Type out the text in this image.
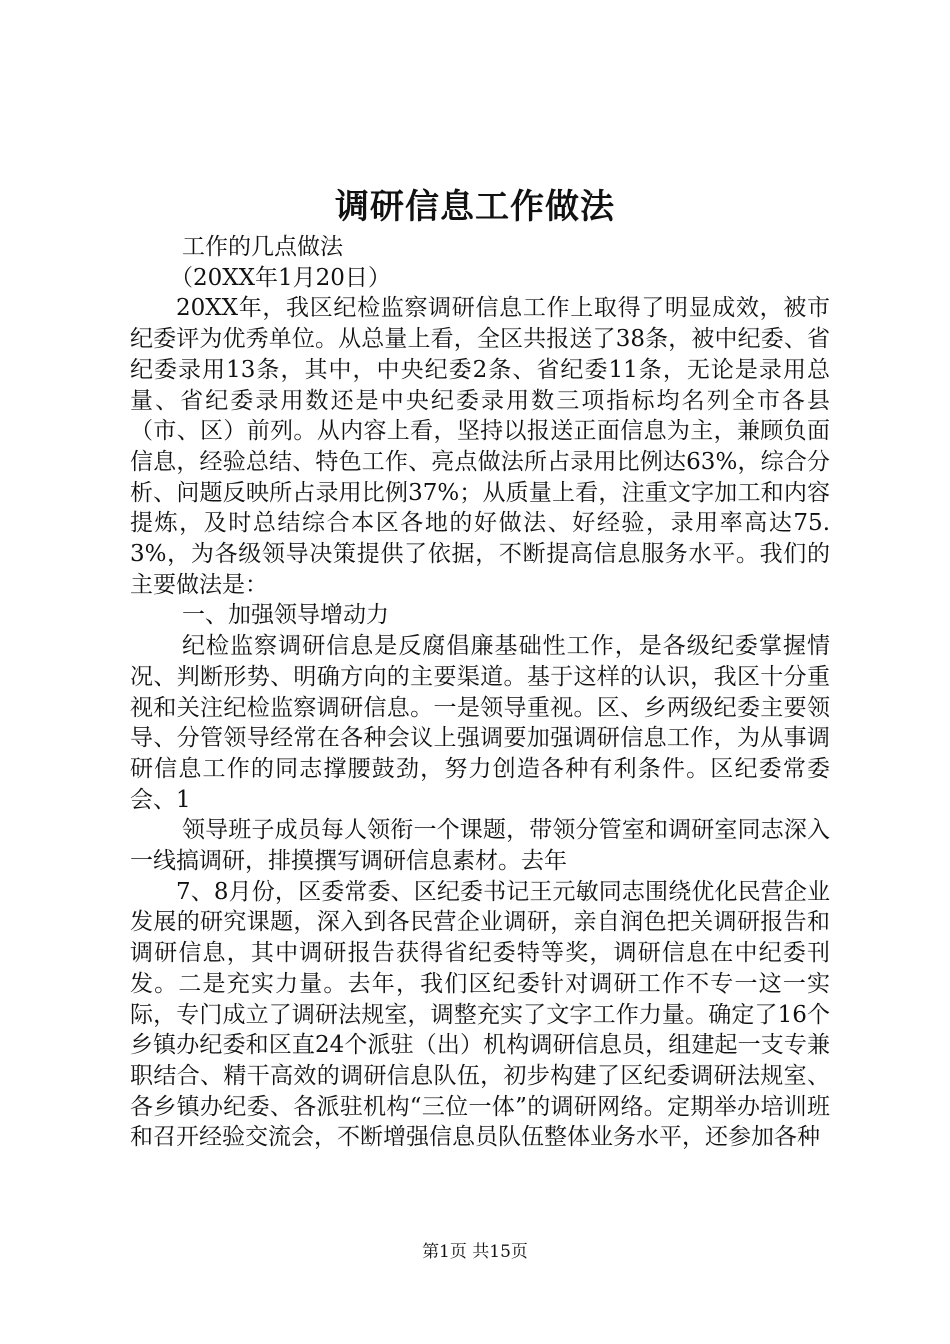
调研信息工作做法

工作的几点做法

（20XX年1月20日）

20XX年，我区纪检监察调研信息工作上取得了明显成效，被市纪委评为优秀单位。从总量上看，全区共报送了38条，被中纪委、省纪委录用13条，其中，中央纪委2条、省纪委11条，无论是录用总量、省纪委录用数还是中央纪委录用数三项指标均名列全市各县（市、区）前列。从内容上看，坚持以报送正面信息为主，兼顾负面信息，经验总结、特色工作、亮点做法所占录用比例达63%，综合分析、问题反映所占录用比例37%；从质量上看，注重文字加工和内容提炼，及时总结综合本区各地的好做法、好经验，录用率高达75.3%，为各级领导决策提供了依据，不断提高信息服务水平。我们的主要做法是：

一、加强领导增动力

纪检监察调研信息是反腐倡廉基础性工作，是各级纪委掌握情况、判断形势、明确方向的主要渠道。基于这样的认识，我区十分重视和关注纪检监察调研信息。一是领导重视。区、乡两级纪委主要领导、分管领导经常在各种会议上强调要加强调研信息工作，为从事调研信息工作的同志撑腰鼓劲，努力创造各种有利条件。区纪委常委会、1

领导班子成员每人领衔一个课题，带领分管室和调研室同志深入一线搞调研，排摸撰写调研信息素材。去年

7、8月份，区委常委、区纪委书记王元敏同志围绕优化民营企业发展的研究课题，深入到各民营企业调研，亲自润色把关调研报告和调研信息，其中调研报告获得省纪委特等奖，调研信息在中纪委刊发。二是充实力量。去年，我们区纪委针对调研工作不专一这一实际，专门成立了调研法规室，调整充实了文字工作力量。确定了16个乡镇办纪委和区直24个派驻（出）机构调研信息员，组建起一支专兼职结合、精干高效的调研信息队伍，初步构建了区纪委调研法规室、各乡镇办纪委、各派驻机构“三位一体”的调研网络。定期举办培训班和召开经验交流会，不断增强信息员队伍整体业务水平，还参加各种

第1页 共15页
